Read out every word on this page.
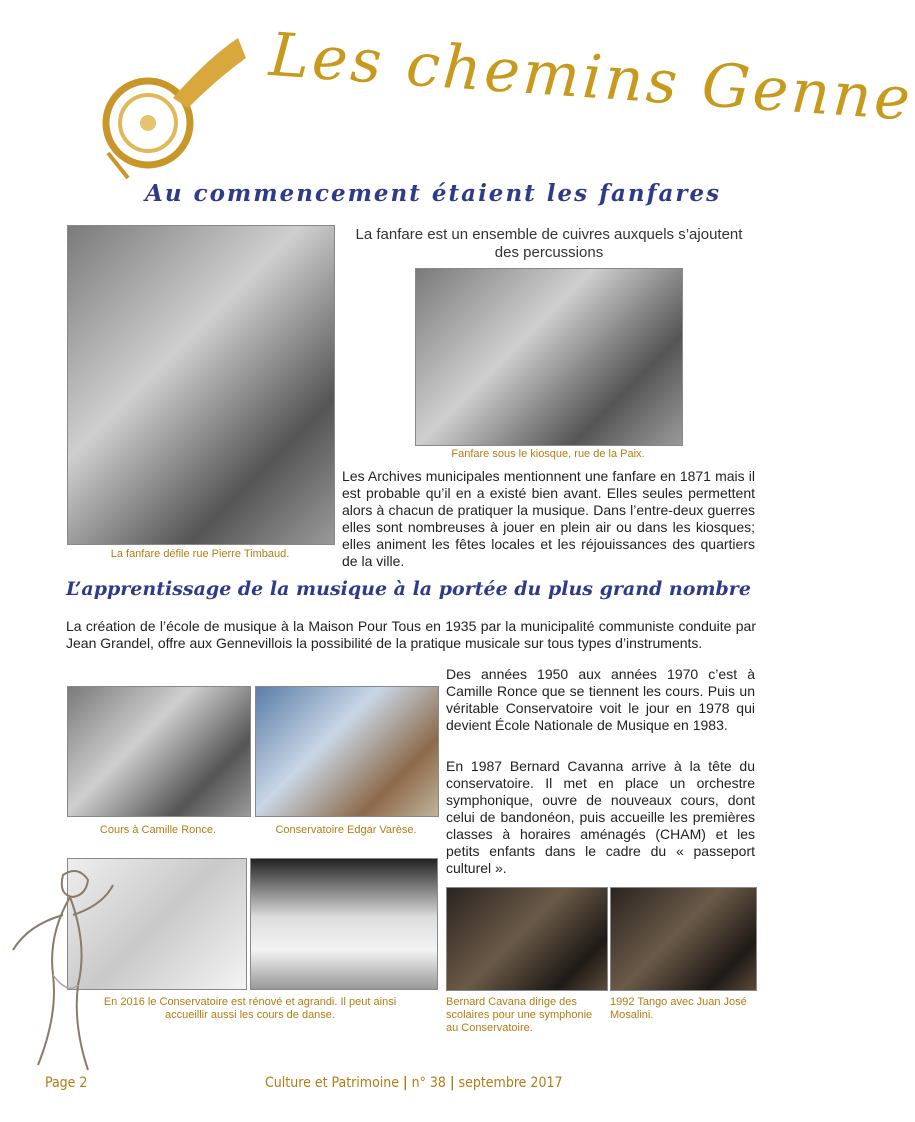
Les chemins Genne
Au commencement étaient les fanfares
La fanfare défile rue Pierre Timbaud.
La fanfare est un ensemble de cuivres auxquels s’ajoutent des percussions
Fanfare sous le kiosque, rue de la Paix.
Les Archives municipales mentionnent une fanfare en 1871 mais il est probable qu’il en a existé bien avant. Elles seules permettent alors à chacun de pratiquer la musique. Dans l’entre-deux guerres elles sont nombreuses à jouer en plein air ou dans les kiosques; elles animent les fêtes locales et les réjouissances des quartiers de la ville.
L’apprentissage de la musique à la portée du plus grand nombre
La création de l’école de musique à la Maison Pour Tous en 1935 par la municipalité communiste conduite par Jean Grandel, offre aux Gennevillois la possibilité de la pratique musicale sur tous types d’instruments.
Cours à Camille Ronce.	Conservatoire Edgar Varèse.
Des années 1950 aux années 1970 c’est à Camille Ronce que se tiennent les cours. Puis un véritable Conservatoire voit le jour en 1978 qui devient École Nationale de Musique en 1983.
En 1987 Bernard Cavanna arrive à la tête du conservatoire. Il met en place un orchestre symphonique, ouvre de nouveaux cours, dont celui de bandonéon, puis accueille les premières classes à horaires aménagés (CHAM) et les petits enfants dans le cadre du « passeport culturel ».
En 2016 le Conservatoire est rénové et agrandi. Il peut ainsi accueillir aussi les cours de danse.
Bernard Cavana dirige des scolaires pour une symphonie au Conservatoire.
1992 Tango avec Juan José Mosalini.
Page 2	Culture et Patrimoine | n° 38 | septembre 2017
